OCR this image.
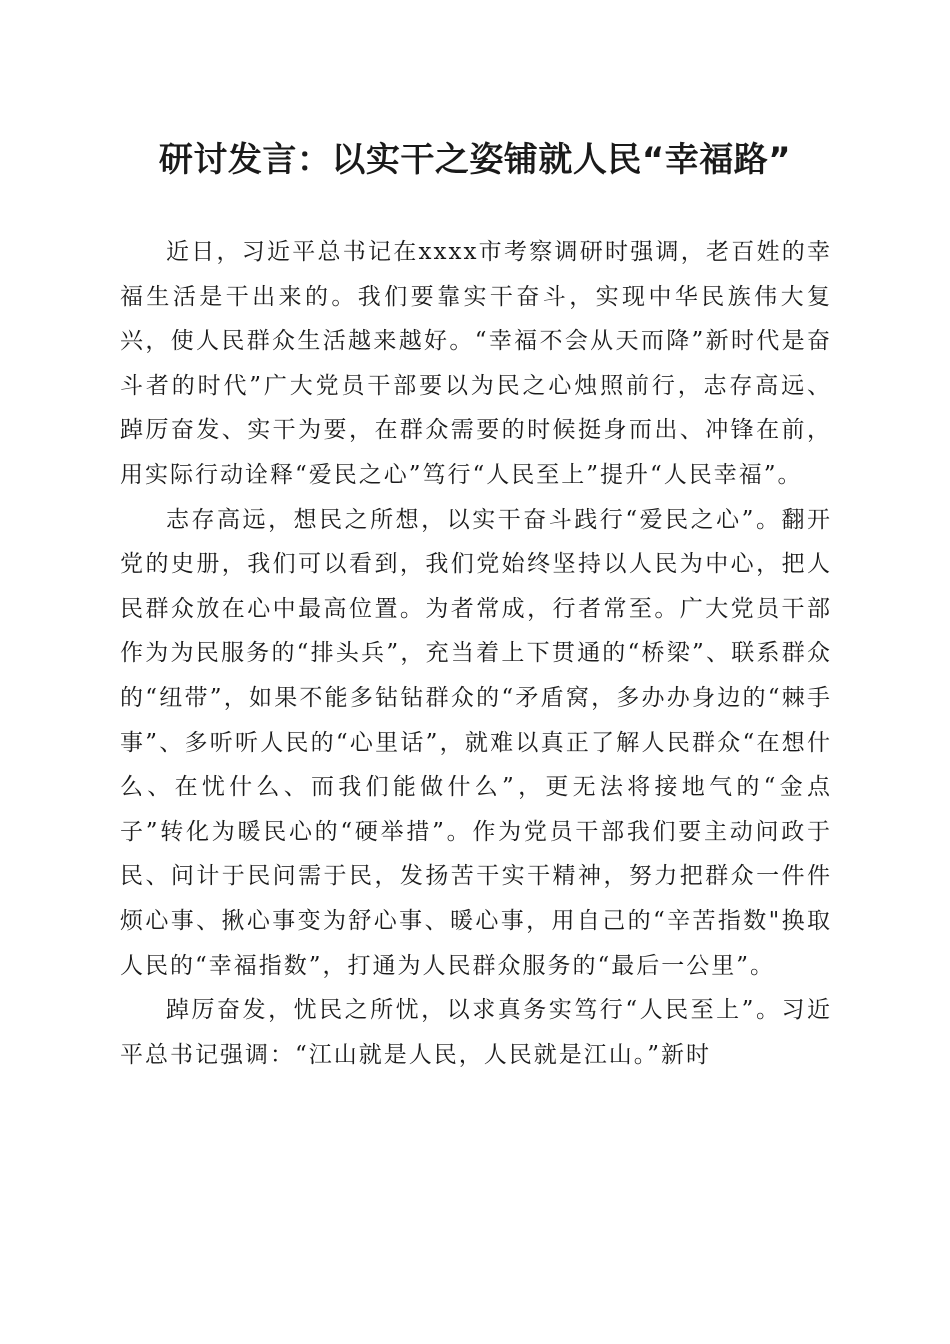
研讨发言：以实干之姿铺就人民“幸福路”

近日，习近平总书记在xxxx市考察调研时强调，老百姓的幸福生活是干出来的。我们要靠实干奋斗，实现中华民族伟大复兴，使人民群众生活越来越好。“幸福不会从天而降”新时代是奋斗者的时代”广大党员干部要以为民之心烛照前行，志存高远、踔厉奋发、实干为要，在群众需要的时候挺身而出、冲锋在前，用实际行动诠释“爱民之心”笃行“人民至上”提升“人民幸福”。

志存高远，想民之所想，以实干奋斗践行“爱民之心”。翻开党的史册，我们可以看到，我们党始终坚持以人民为中心，把人民群众放在心中最高位置。为者常成，行者常至。广大党员干部作为为民服务的“排头兵”，充当着上下贯通的“桥梁”、联系群众的“纽带”，如果不能多钻钻群众的“矛盾窝，多办办身边的“棘手事”、多听听人民的“心里话”，就难以真正了解人民群众“在想什么、在忧什么、而我们能做什么”，更无法将接地气的“金点子”转化为暖民心的“硬举措”。作为党员干部我们要主动问政于民、问计于民问需于民，发扬苦干实干精神，努力把群众一件件烦心事、揪心事变为舒心事、暖心事，用自己的“辛苦指数"换取人民的“幸福指数”，打通为人民群众服务的“最后一公里”。

踔厉奋发，忧民之所忧，以求真务实笃行“人民至上”。习近平总书记强调：“江山就是人民，人民就是江山。”新时
